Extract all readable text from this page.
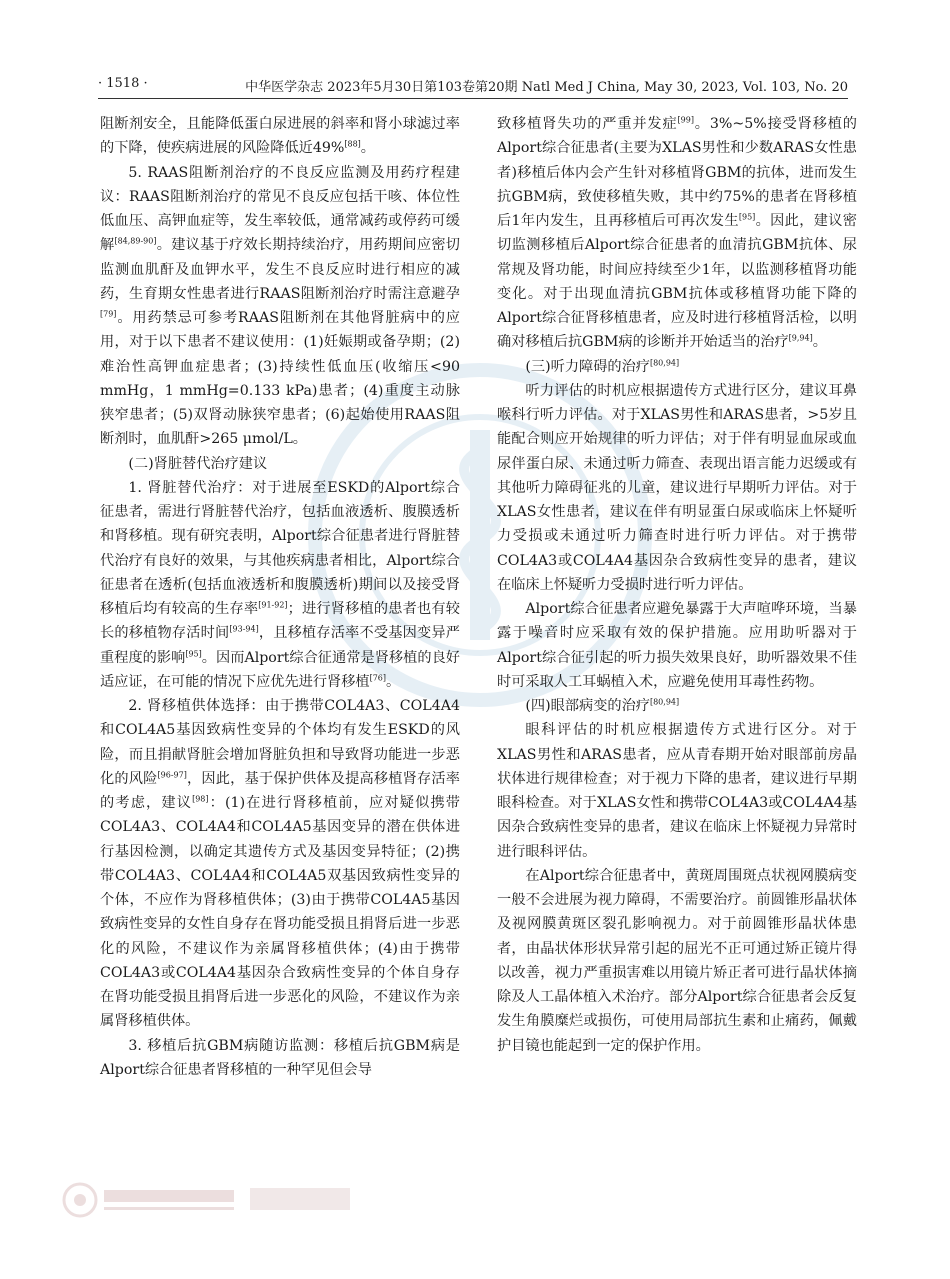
· 1518 ·	中华医学杂志 2023年5月30日第103卷第20期 Natl Med J China, May 30, 2023, Vol. 103, No. 20

阻断剂安全，且能降低蛋白尿进展的斜率和肾小球滤过率的下降，使疾病进展的风险降低近49%[88]。

5. RAAS阻断剂治疗的不良反应监测及用药疗程建议：RAAS阻断剂治疗的常见不良反应包括干咳、体位性低血压、高钾血症等，发生率较低，通常减药或停药可缓解[84,89-90]。建议基于疗效长期持续治疗，用药期间应密切监测血肌酐及血钾水平，发生不良反应时进行相应的减药，生育期女性患者进行RAAS阻断剂治疗时需注意避孕[79]。用药禁忌可参考RAAS阻断剂在其他肾脏病中的应用，对于以下患者不建议使用：(1)妊娠期或备孕期；(2)难治性高钾血症患者；(3)持续性低血压(收缩压<90 mmHg，1 mmHg=0.133 kPa)患者；(4)重度主动脉狭窄患者；(5)双肾动脉狭窄患者；(6)起始使用RAAS阻断剂时，血肌酐>265 μmol/L。

(二)肾脏替代治疗建议

1. 肾脏替代治疗：对于进展至ESKD的Alport综合征患者，需进行肾脏替代治疗，包括血液透析、腹膜透析和肾移植。现有研究表明，Alport综合征患者进行肾脏替代治疗有良好的效果，与其他疾病患者相比，Alport综合征患者在透析(包括血液透析和腹膜透析)期间以及接受肾移植后均有较高的生存率[91-92]；进行肾移植的患者也有较长的移植物存活时间[93-94]，且移植存活率不受基因变异严重程度的影响[95]。因而Alport综合征通常是肾移植的良好适应证，在可能的情况下应优先进行肾移植[76]。

2. 肾移植供体选择：由于携带COL4A3、COL4A4和COL4A5基因致病性变异的个体均有发生ESKD的风险，而且捐献肾脏会增加肾脏负担和导致肾功能进一步恶化的风险[96-97]，因此，基于保护供体及提高移植肾存活率的考虑，建议[98]：(1)在进行肾移植前，应对疑似携带COL4A3、COL4A4和COL4A5基因变异的潜在供体进行基因检测，以确定其遗传方式及基因变异特征；(2)携带COL4A3、COL4A4和COL4A5双基因致病性变异的个体，不应作为肾移植供体；(3)由于携带COL4A5基因致病性变异的女性自身存在肾功能受损且捐肾后进一步恶化的风险，不建议作为亲属肾移植供体；(4)由于携带COL4A3或COL4A4基因杂合致病性变异的个体自身存在肾功能受损且捐肾后进一步恶化的风险，不建议作为亲属肾移植供体。

3. 移植后抗GBM病随访监测：移植后抗GBM病是Alport综合征患者肾移植的一种罕见但会导

致移植肾失功的严重并发症[99]。3%~5%接受肾移植的Alport综合征患者(主要为XLAS男性和少数ARAS女性患者)移植后体内会产生针对移植肾GBM的抗体，进而发生抗GBM病，致使移植失败，其中约75%的患者在肾移植后1年内发生，且再移植后可再次发生[95]。因此，建议密切监测移植后Alport综合征患者的血清抗GBM抗体、尿常规及肾功能，时间应持续至少1年，以监测移植肾功能变化。对于出现血清抗GBM抗体或移植肾功能下降的Alport综合征肾移植患者，应及时进行移植肾活检，以明确对移植后抗GBM病的诊断并开始适当的治疗[9,94]。

(三)听力障碍的治疗[80,94]

听力评估的时机应根据遗传方式进行区分，建议耳鼻喉科行听力评估。对于XLAS男性和ARAS患者，>5岁且能配合则应开始规律的听力评估；对于伴有明显血尿或血尿伴蛋白尿、未通过听力筛查、表现出语言能力迟缓或有其他听力障碍征兆的儿童，建议进行早期听力评估。对于XLAS女性患者，建议在伴有明显蛋白尿或临床上怀疑听力受损或未通过听力筛查时进行听力评估。对于携带COL4A3或COL4A4基因杂合致病性变异的患者，建议在临床上怀疑听力受损时进行听力评估。

Alport综合征患者应避免暴露于大声喧哗环境，当暴露于噪音时应采取有效的保护措施。应用助听器对于Alport综合征引起的听力损失效果良好，助听器效果不佳时可采取人工耳蜗植入术，应避免使用耳毒性药物。

(四)眼部病变的治疗[80,94]

眼科评估的时机应根据遗传方式进行区分。对于XLAS男性和ARAS患者，应从青春期开始对眼部前房晶状体进行规律检查；对于视力下降的患者，建议进行早期眼科检查。对于XLAS女性和携带COL4A3或COL4A4基因杂合致病性变异的患者，建议在临床上怀疑视力异常时进行眼科评估。

在Alport综合征患者中，黄斑周围斑点状视网膜病变一般不会进展为视力障碍，不需要治疗。前圆锥形晶状体及视网膜黄斑区裂孔影响视力。对于前圆锥形晶状体患者，由晶状体形状异常引起的屈光不正可通过矫正镜片得以改善，视力严重损害难以用镜片矫正者可进行晶状体摘除及人工晶体植入术治疗。部分Alport综合征患者会反复发生角膜糜烂或损伤，可使用局部抗生素和止痛药，佩戴护目镜也能起到一定的保护作用。
